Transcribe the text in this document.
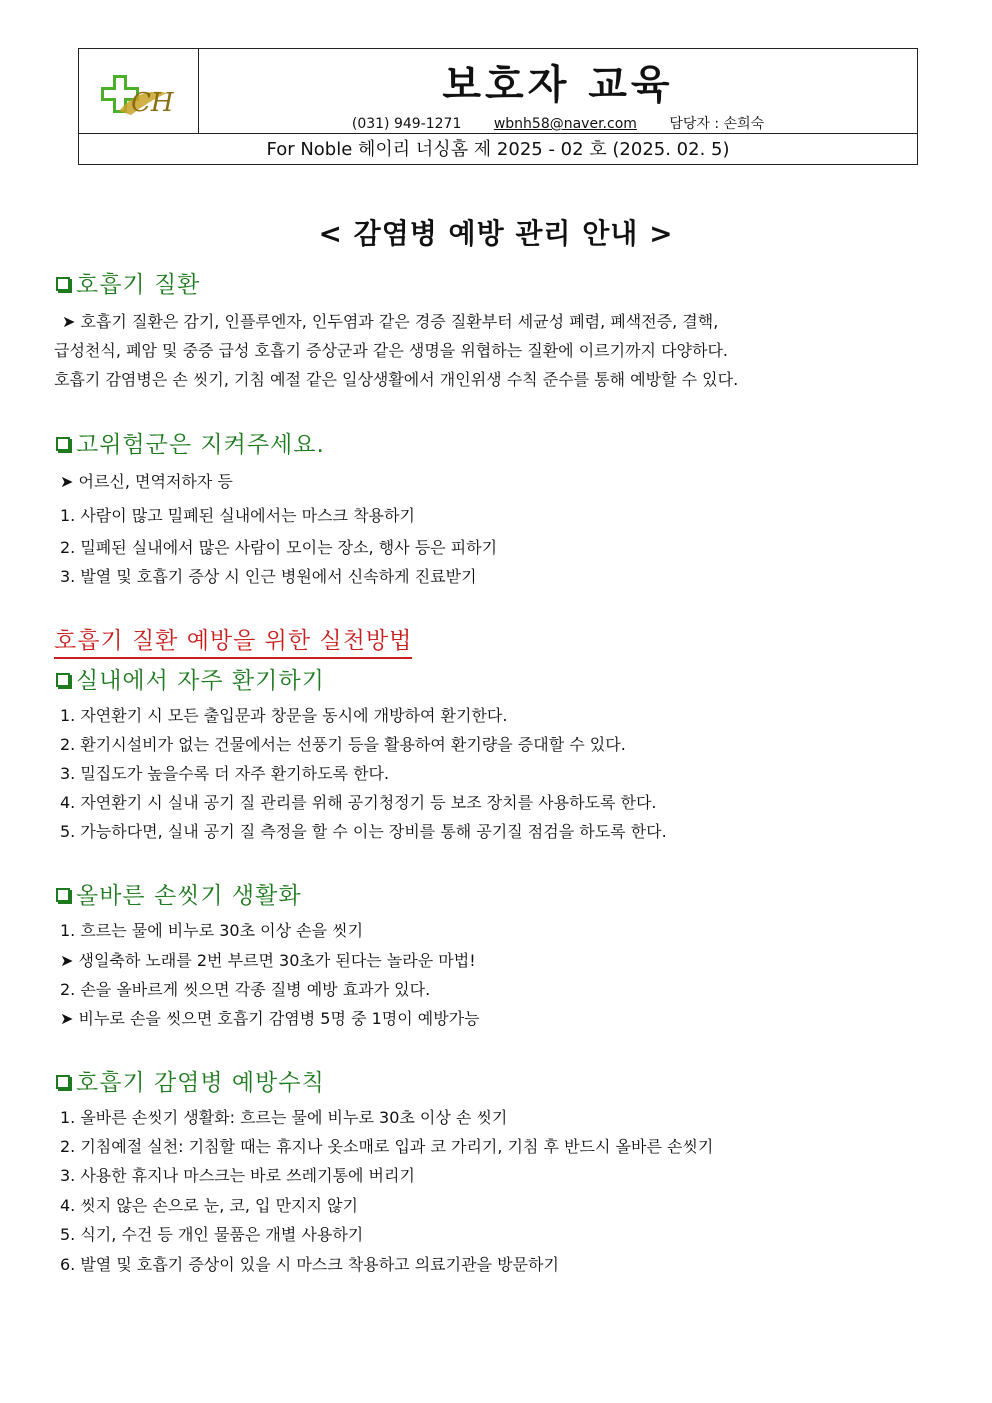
CH	보호자 교육
(031) 949-1271 wbnh58@naver.com 담당자 : 손희숙
For Noble 헤이리 너싱홈 제 2025 - 02 호 (2025. 02. 5)
< 감염병 예방 관리 안내 >
호흡기 질환
➤ 호흡기 질환은 감기, 인플루엔자, 인두염과 같은 경증 질환부터 세균성 폐렴, 폐색전증, 결핵,
급성천식, 폐암 및 중증 급성 호흡기 증상군과 같은 생명을 위협하는 질환에 이르기까지 다양하다.
호흡기 감염병은 손 씻기, 기침 예절 같은 일상생활에서 개인위생 수칙 준수를 통해 예방할 수 있다.
고위험군은 지켜주세요.
➤ 어르신, 면역저하자 등
1. 사람이 많고 밀폐된 실내에서는 마스크 착용하기
2. 밀폐된 실내에서 많은 사람이 모이는 장소, 행사 등은 피하기
3. 발열 및 호흡기 증상 시 인근 병원에서 신속하게 진료받기
호흡기 질환 예방을 위한 실천방법
실내에서 자주 환기하기
1. 자연환기 시 모든 출입문과 창문을 동시에 개방하여 환기한다.
2. 환기시설비가 없는 건물에서는 선풍기 등을 활용하여 환기량을 증대할 수 있다.
3. 밀집도가 높을수록 더 자주 환기하도록 한다.
4. 자연환기 시 실내 공기 질 관리를 위해 공기청정기 등 보조 장치를 사용하도록 한다.
5. 가능하다면, 실내 공기 질 측정을 할 수 이는 장비를 통해 공기질 점검을 하도록 한다.
올바른 손씻기 생활화
1. 흐르는 물에 비누로 30초 이상 손을 씻기
➤ 생일축하 노래를 2번 부르면 30초가 된다는 놀라운 마법!
2. 손을 올바르게 씻으면 각종 질병 예방 효과가 있다.
➤ 비누로 손을 씻으면 호흡기 감염병 5명 중 1명이 예방가능
호흡기 감염병 예방수칙
1. 올바른 손씻기 생활화: 흐르는 물에 비누로 30초 이상 손 씻기
2. 기침예절 실천: 기침할 때는 휴지나 옷소매로 입과 코 가리기, 기침 후 반드시 올바른 손씻기
3. 사용한 휴지나 마스크는 바로 쓰레기통에 버리기
4. 씻지 않은 손으로 눈, 코, 입 만지지 않기
5. 식기, 수건 등 개인 물품은 개별 사용하기
6. 발열 및 호흡기 증상이 있을 시 마스크 착용하고 의료기관을 방문하기
